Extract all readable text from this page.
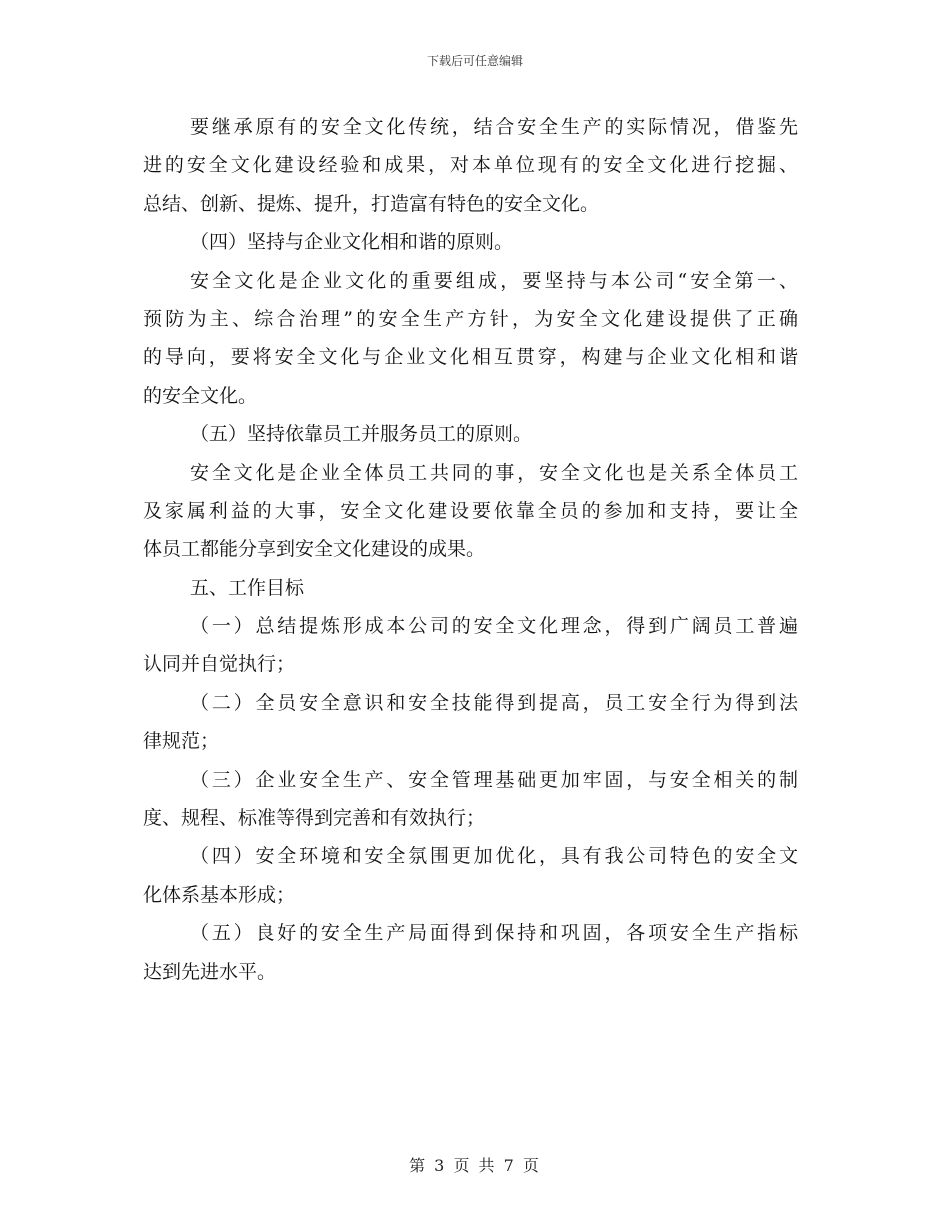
下载后可任意编辑
要继承原有的安全文化传统，结合安全生产的实际情况，借鉴先
进的安全文化建设经验和成果，对本单位现有的安全文化进行挖掘、
总结、创新、提炼、提升，打造富有特色的安全文化。
（四）坚持与企业文化相和谐的原则。
安全文化是企业文化的重要组成，要坚持与本公司“安全第一、
预防为主、综合治理”的安全生产方针，为安全文化建设提供了正确
的导向，要将安全文化与企业文化相互贯穿，构建与企业文化相和谐
的安全文化。
（五）坚持依靠员工并服务员工的原则。
安全文化是企业全体员工共同的事，安全文化也是关系全体员工
及家属利益的大事，安全文化建设要依靠全员的参加和支持，要让全
体员工都能分享到安全文化建设的成果。
五、工作目标
（一）总结提炼形成本公司的安全文化理念，得到广阔员工普遍
认同并自觉执行；
（二）全员安全意识和安全技能得到提高，员工安全行为得到法
律规范；
（三）企业安全生产、安全管理基础更加牢固，与安全相关的制
度、规程、标准等得到完善和有效执行；
（四）安全环境和安全氛围更加优化，具有我公司特色的安全文
化体系基本形成；
（五）良好的安全生产局面得到保持和巩固，各项安全生产指标
达到先进水平。
第 3 页 共 7 页
